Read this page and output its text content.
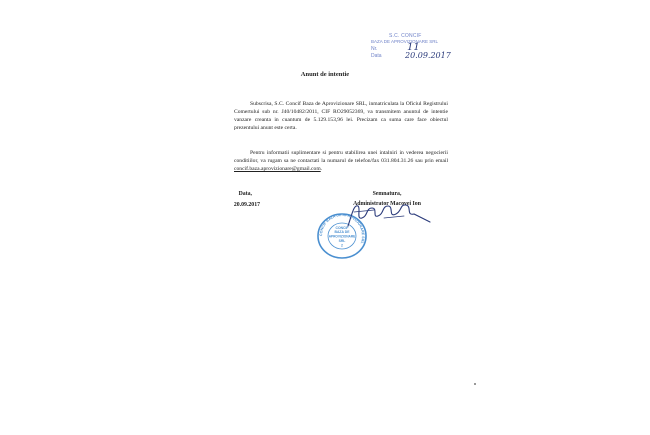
S.C. CONCIF
BAZA DE APROVIZIONARE SRL
Nr.
Data
11
20.09.2017
Anunt de intentie
Subscrisa, S.C. Concif Baza de Aprovizionare SRL, inmatriculata la Oficiul Registrului Comertului sub nr. J40/10482/2011, CIF RO29052369, va transmitem anuntul de intentie vanzare creanta in cuantum de 5.129.153,96 lei. Precizam ca suma care face obiectul prezentului anunt este certa.
Pentru informatii suplimentare si pentru stabilirea unei intalniri in vederea negocierii conditiilor, va rugam sa ne contactati la numarul de telefon/fax 031.804.31.26 sau prin email concif.baza.aprovizionare@gmail.com.
Data,
20.09.2017
Semnatura,
Administrator Macovei Ion
CONCIF BAZA DE APROVIZIONARE SRL
CONCIF
BAZA DE
APROVIZIONARE
SRL
2
